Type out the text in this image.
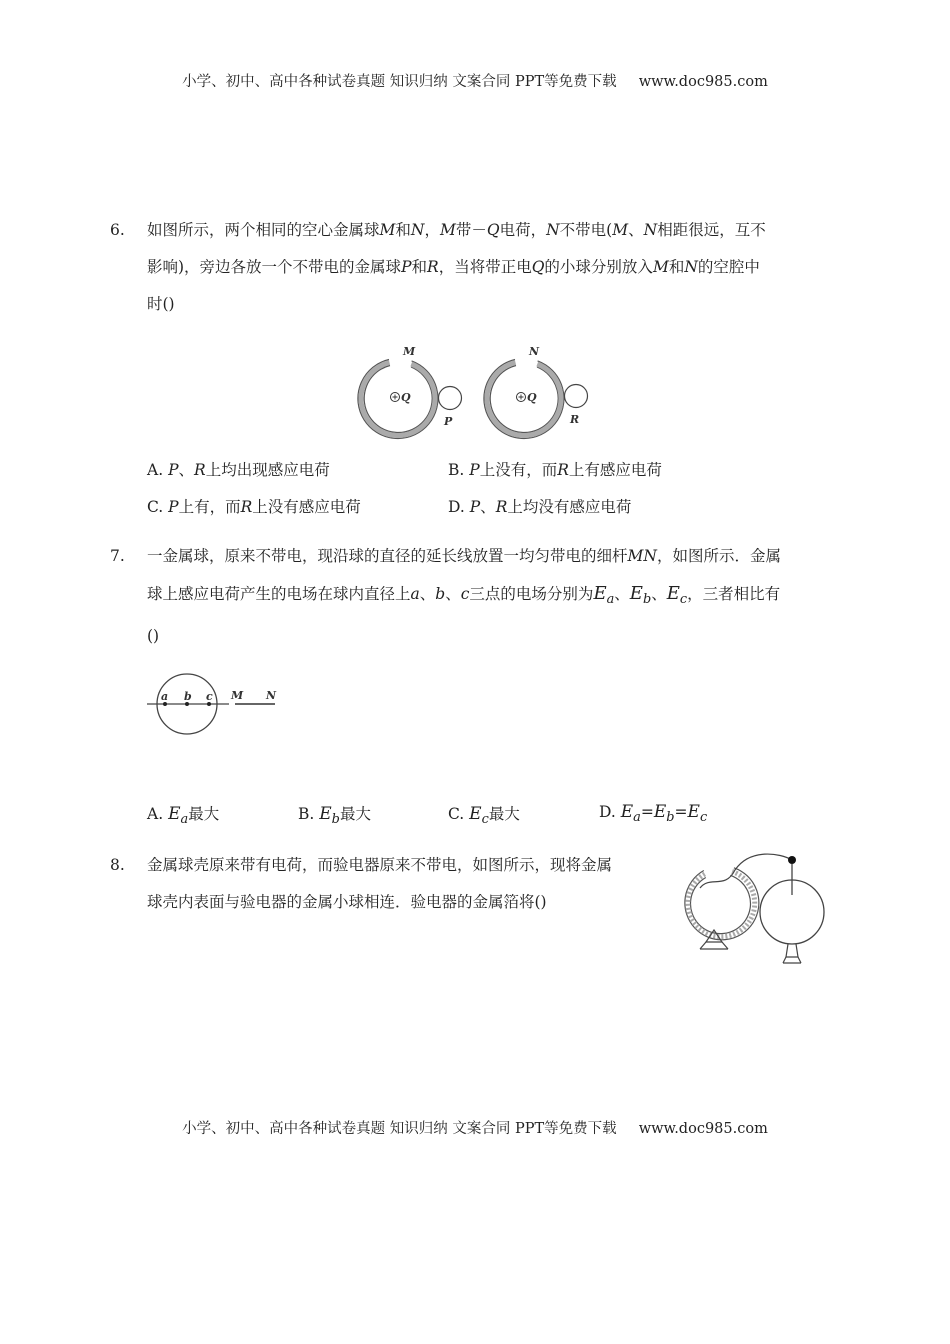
小学、初中、高中各种试卷真题 知识归纳 文案合同 PPT等免费下载 www.doc985.com
6. 如图所示，两个相同的空心金属球M和N，M带－Q电荷，N不带电(M、N相距很远，互不
影响)，旁边各放一个不带电的金属球P和R，当将带正电Q的小球分别放入M和N的空腔中
时()
Q
M
P
Q
N
R
A. P、R上均出现感应电荷	B. P上没有，而R上有感应电荷
C. P上有，而R上没有感应电荷	D. P、R上均没有感应电荷
7. 一金属球，原来不带电，现沿球的直径的延长线放置一均匀带电的细杆MN，如图所示．金属
球上感应电荷产生的电场在球内直径上a、b、c三点的电场分别为$E_a$、$E_b$、$E_c$，三者相比有
()
a b c M N
A. $E_a$最大	B. $E_b$最大	C. $E_c$最大	D. $E_a=E_b=E_c$
8. 金属球壳原来带有电荷，而验电器原来不带电，如图所示，现将金属
球壳内表面与验电器的金属小球相连．验电器的金属箔将()
小学、初中、高中各种试卷真题 知识归纳 文案合同 PPT等免费下载 www.doc985.com
